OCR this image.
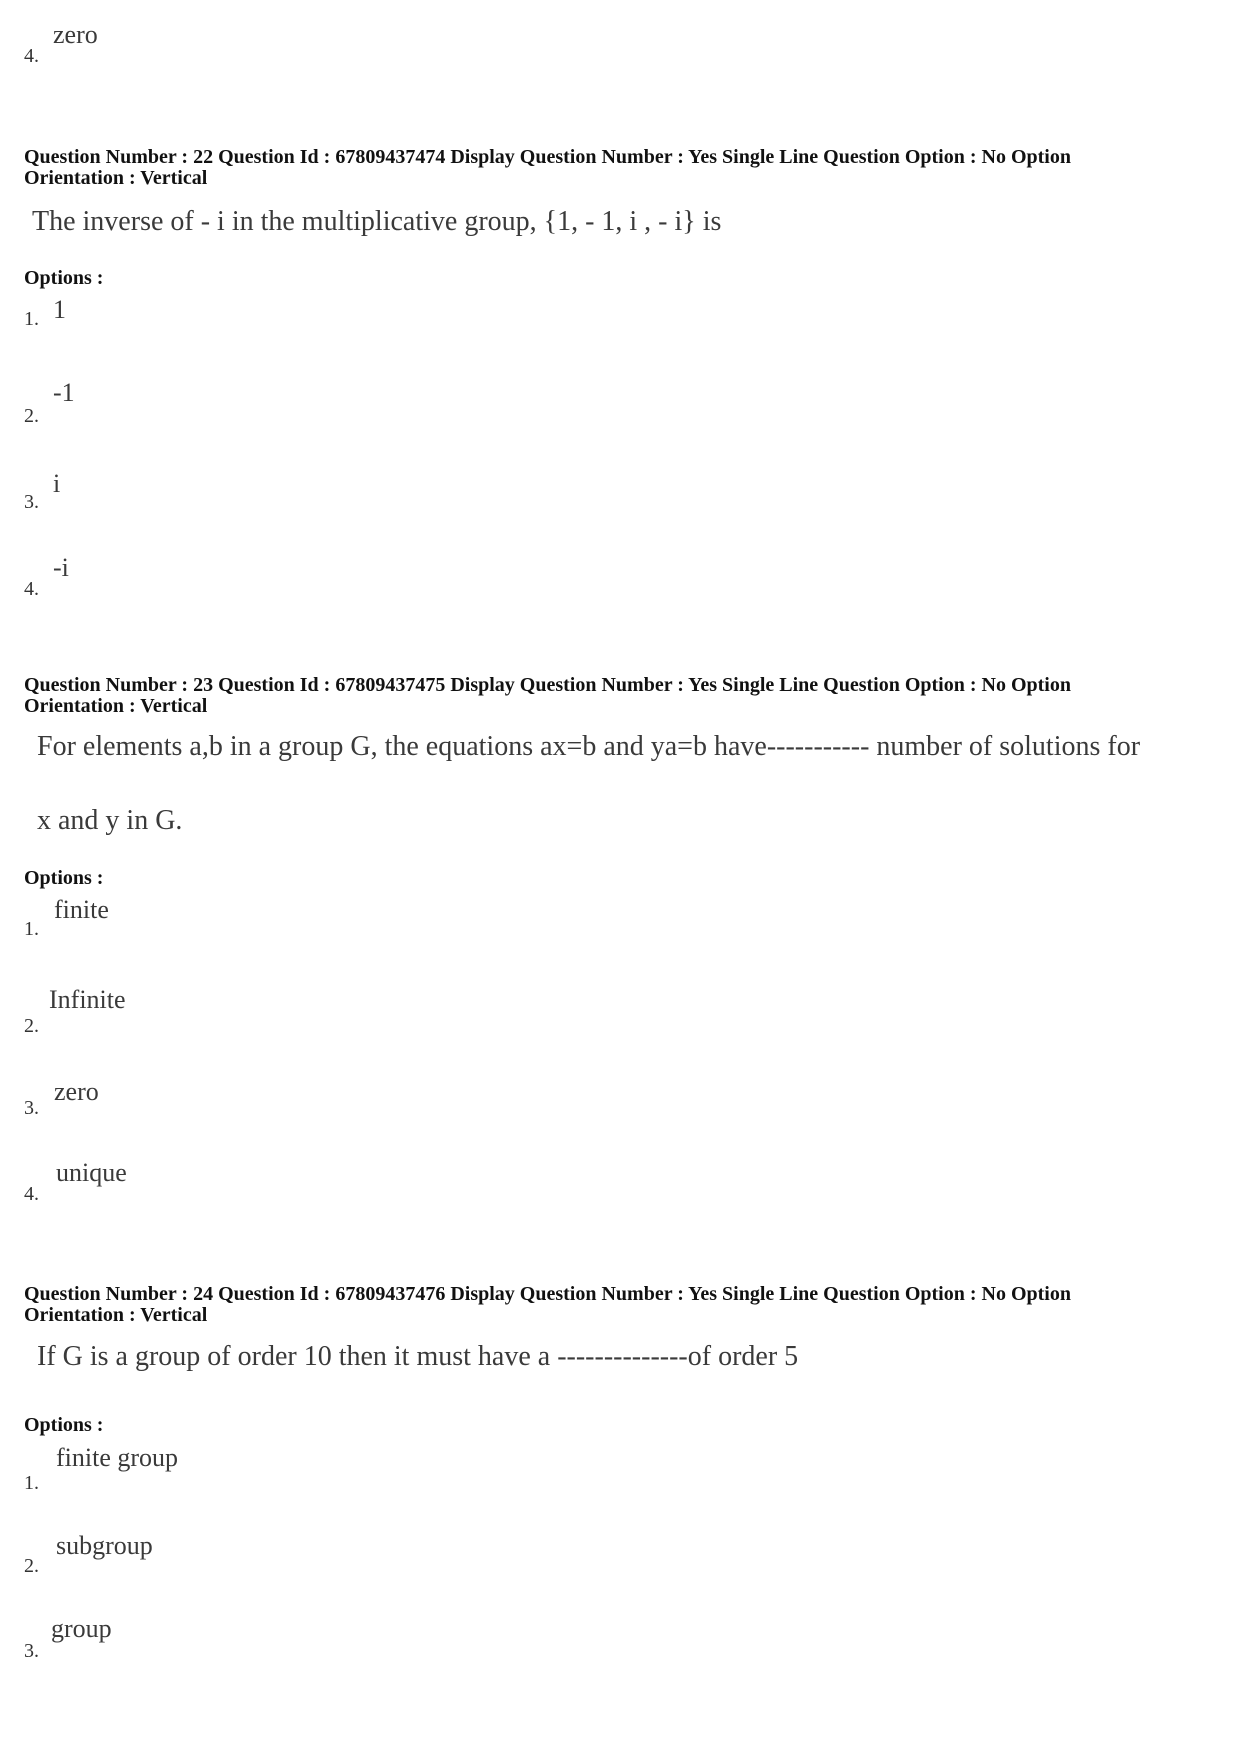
4.
zero
Question Number : 22 Question Id : 67809437474 Display Question Number : Yes Single Line Question Option : No Option
Orientation : Vertical
The inverse of - i in the multiplicative group, {1, - 1, i , - i} is
Options :
1. 1
2.
-1
3.
i
4.
-i
Question Number : 23 Question Id : 67809437475 Display Question Number : Yes Single Line Question Option : No Option
Orientation : Vertical
For elements a,b in a group G, the equations ax=b and ya=b have----------- number of solutions for
x and y in G.
Options :
1.
finite
2.
Infinite
3.
zero
4.
unique
Question Number : 24 Question Id : 67809437476 Display Question Number : Yes Single Line Question Option : No Option
Orientation : Vertical
If G is a group of order 10 then it must have a --------------of order 5
Options :
1.
finite group
2.
subgroup
3.
group
